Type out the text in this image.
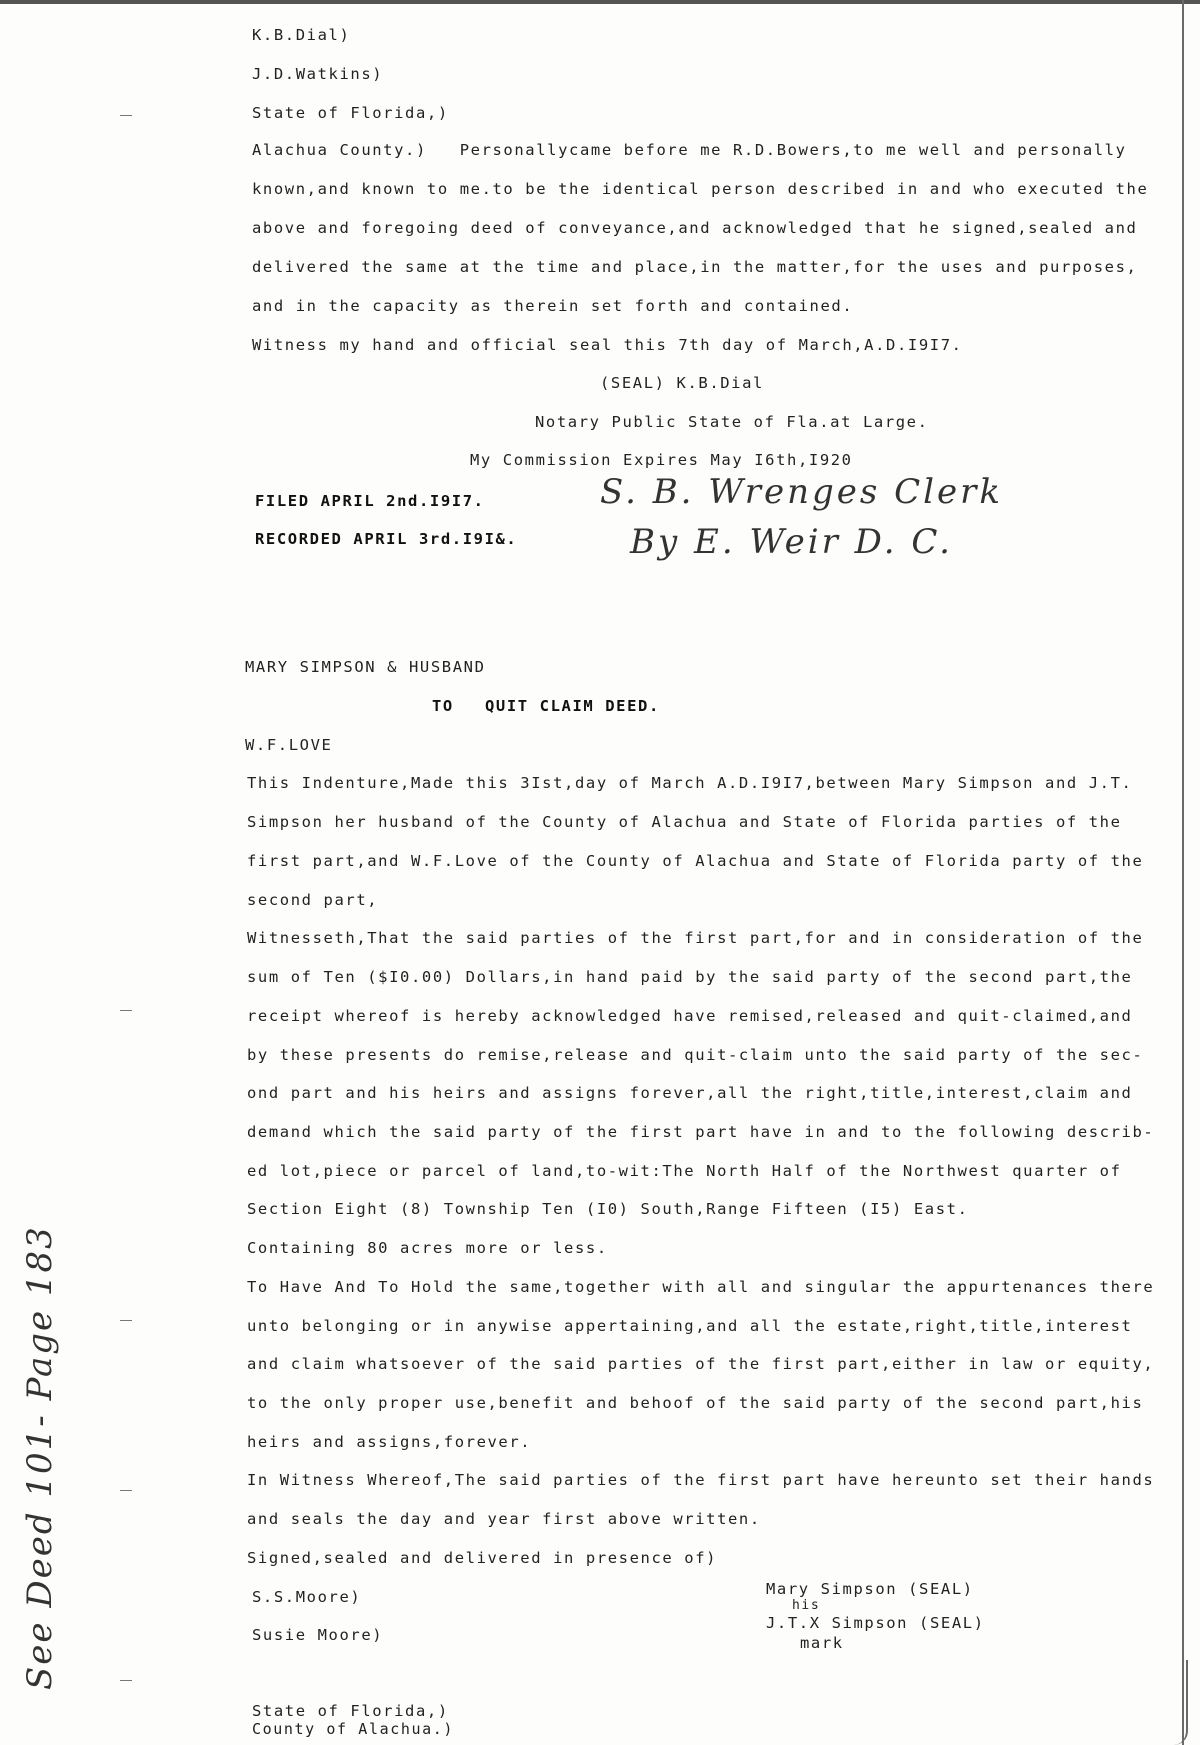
K.B.Dial)
J.D.Watkins)
State of Florida,)
Alachua County.)   Personallycame before me R.D.Bowers,to me well and personally
known,and known to me.to be the identical person described in and who executed the
above and foregoing deed of conveyance,and acknowledged that he signed,sealed and
delivered the same at the time and place,in the matter,for the uses and purposes,
and in the capacity as therein set forth and contained.
Witness my hand and official seal this 7th day of March,A.D.I9I7.
(SEAL) K.B.Dial
Notary Public State of Fla.at Large.
My Commission Expires May I6th,I920
FILED APRIL 2nd.I9I7.
RECORDED APRIL 3rd.I9I&.
S. B. Wrenges Clerk
By E. Weir D. C.
MARY SIMPSON & HUSBAND
TO QUIT CLAIM DEED.
W.F.LOVE
This Indenture,Made this 3Ist,day of March A.D.I9I7,between Mary Simpson and J.T.
Simpson her husband of the County of Alachua and State of Florida parties of the
first part,and W.F.Love of the County of Alachua and State of Florida party of the
second part,
Witnesseth,That the said parties of the first part,for and in consideration of the
sum of Ten ($I0.00) Dollars,in hand paid by the said party of the second part,the
receipt whereof is hereby acknowledged have remised,released and quit-claimed,and
by these presents do remise,release and quit-claim unto the said party of the sec-
ond part and his heirs and assigns forever,all the right,title,interest,claim and
demand which the said party of the first part have in and to the following describ-
ed lot,piece or parcel of land,to-wit:The North Half of the Northwest quarter of
Section Eight (8) Township Ten (I0) South,Range Fifteen (I5) East.
Containing 80 acres more or less.
To Have And To Hold the same,together with all and singular the appurtenances there
unto belonging or in anywise appertaining,and all the estate,right,title,interest
and claim whatsoever of the said parties of the first part,either in law or equity,
to the only proper use,benefit and behoof of the said party of the second part,his
heirs and assigns,forever.
In Witness Whereof,The said parties of the first part have hereunto set their hands
and seals the day and year first above written.
Signed,sealed and delivered in presence of)
S.S.Moore)
Susie Moore)
Mary Simpson (SEAL)
his
J.T.X Simpson (SEAL)
mark
State of Florida,)
See Deed 101- Page 183
County of Alachua.)
